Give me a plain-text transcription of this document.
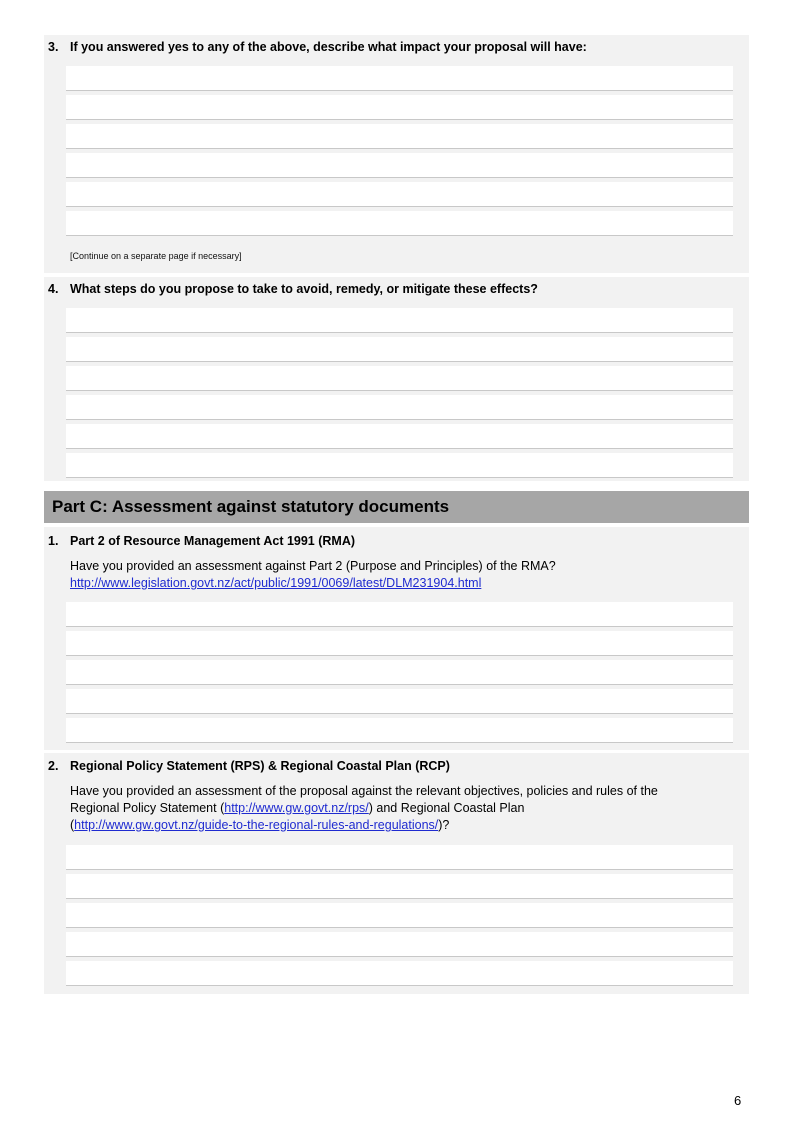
3. If you answered yes to any of the above, describe what impact your proposal will have:
[Continue on a separate page if necessary]
4. What steps do you propose to take to avoid, remedy, or mitigate these effects?
Part C: Assessment against statutory documents
1. Part 2 of Resource Management Act 1991 (RMA)
Have you provided an assessment against Part 2 (Purpose and Principles) of the RMA?
http://www.legislation.govt.nz/act/public/1991/0069/latest/DLM231904.html
2. Regional Policy Statement (RPS) & Regional Coastal Plan (RCP)
Have you provided an assessment of the proposal against the relevant objectives, policies and rules of the
Regional Policy Statement (http://www.gw.govt.nz/rps/) and Regional Coastal Plan
(http://www.gw.govt.nz/guide-to-the-regional-rules-and-regulations/)?
6
